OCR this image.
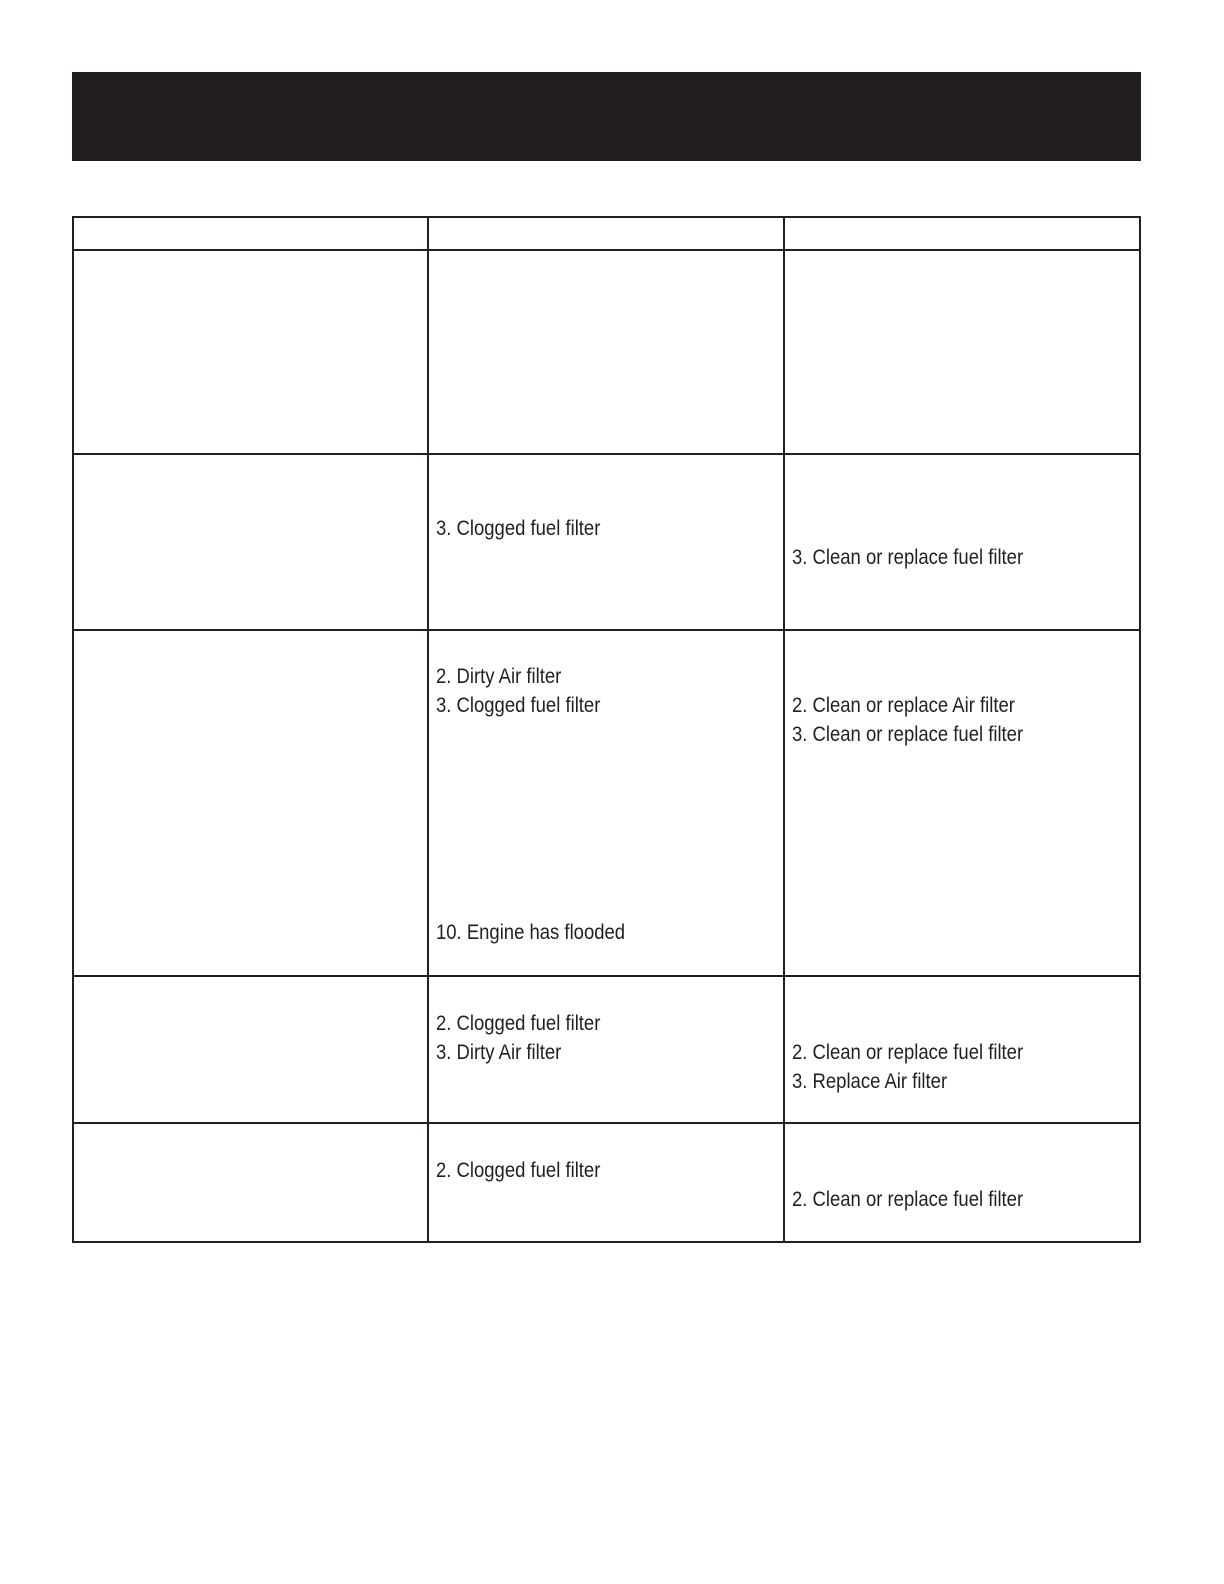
3. Clogged fuel filter
3. Clean or replace fuel filter
2. Dirty Air filter
3. Clogged fuel filter
10. Engine has flooded
2. Clean or replace Air filter
3. Clean or replace fuel filter
2. Clogged fuel filter
3. Dirty Air filter	2. Clean or replace fuel filter
3. Replace Air filter
2. Clogged fuel filter
2. Clean or replace fuel filter
